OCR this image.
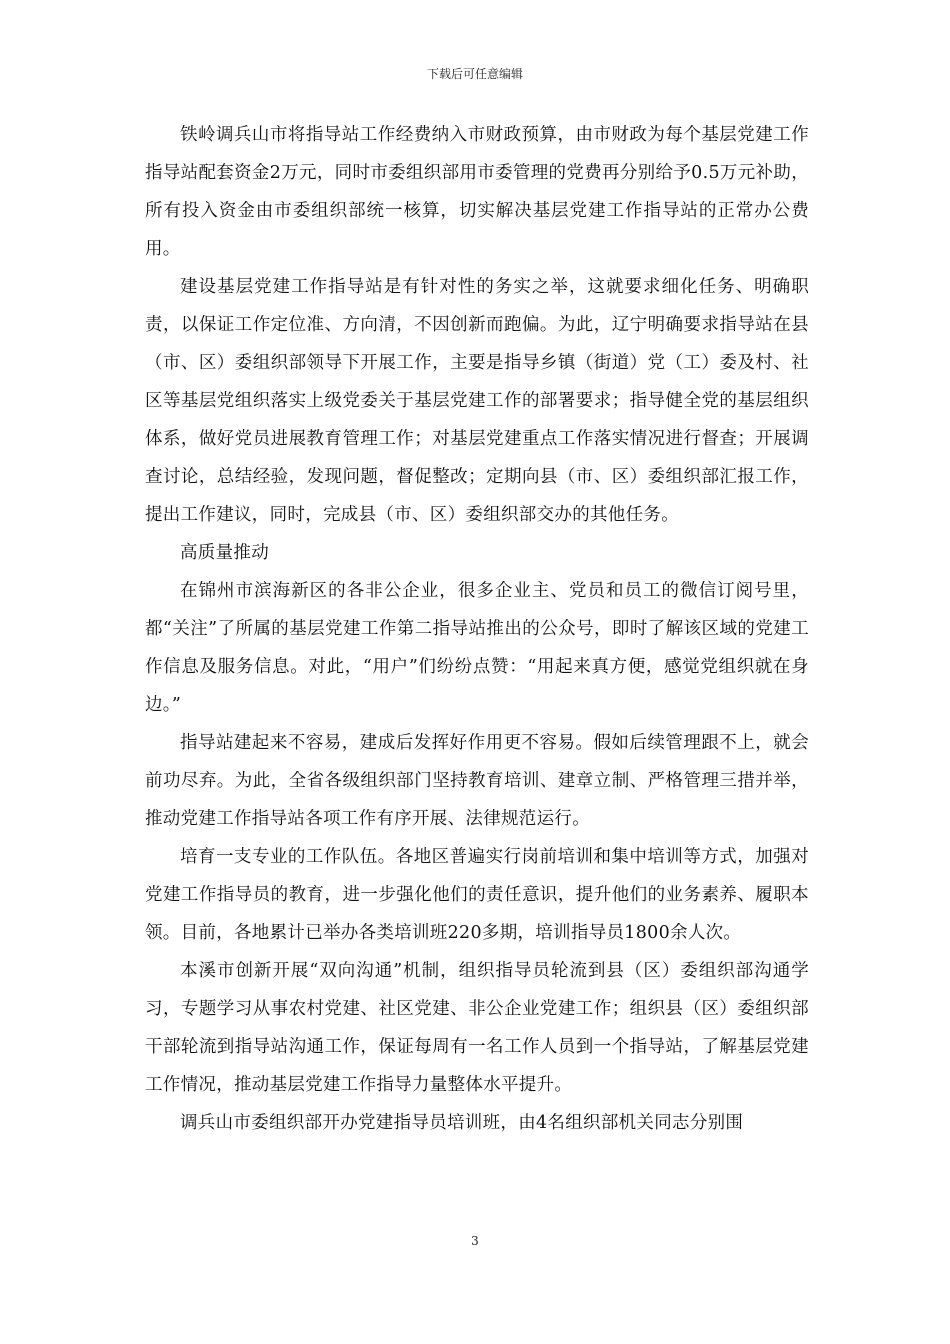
下载后可任意编辑

铁岭调兵山市将指导站工作经费纳入市财政预算，由市财政为每个基层党建工作指导站配套资金2万元，同时市委组织部用市委管理的党费再分别给予0.5万元补助，所有投入资金由市委组织部统一核算，切实解决基层党建工作指导站的正常办公费用。

建设基层党建工作指导站是有针对性的务实之举，这就要求细化任务、明确职责，以保证工作定位准、方向清，不因创新而跑偏。为此，辽宁明确要求指导站在县（市、区）委组织部领导下开展工作，主要是指导乡镇（街道）党（工）委及村、社区等基层党组织落实上级党委关于基层党建工作的部署要求；指导健全党的基层组织体系，做好党员进展教育管理工作；对基层党建重点工作落实情况进行督查；开展调查讨论，总结经验，发现问题，督促整改；定期向县（市、区）委组织部汇报工作，提出工作建议，同时，完成县（市、区）委组织部交办的其他任务。

高质量推动

在锦州市滨海新区的各非公企业，很多企业主、党员和员工的微信订阅号里，都“关注”了所属的基层党建工作第二指导站推出的公众号，即时了解该区域的党建工作信息及服务信息。对此，“用户”们纷纷点赞：“用起来真方便，感觉党组织就在身边。”

指导站建起来不容易，建成后发挥好作用更不容易。假如后续管理跟不上，就会前功尽弃。为此，全省各级组织部门坚持教育培训、建章立制、严格管理三措并举，推动党建工作指导站各项工作有序开展、法律规范运行。

培育一支专业的工作队伍。各地区普遍实行岗前培训和集中培训等方式，加强对党建工作指导员的教育，进一步强化他们的责任意识，提升他们的业务素养、履职本领。目前，各地累计已举办各类培训班220多期，培训指导员1800余人次。

本溪市创新开展“双向沟通”机制，组织指导员轮流到县（区）委组织部沟通学习，专题学习从事农村党建、社区党建、非公企业党建工作；组织县（区）委组织部干部轮流到指导站沟通工作，保证每周有一名工作人员到一个指导站，了解基层党建工作情况，推动基层党建工作指导力量整体水平提升。

调兵山市委组织部开办党建指导员培训班，由4名组织部机关同志分别围

3
